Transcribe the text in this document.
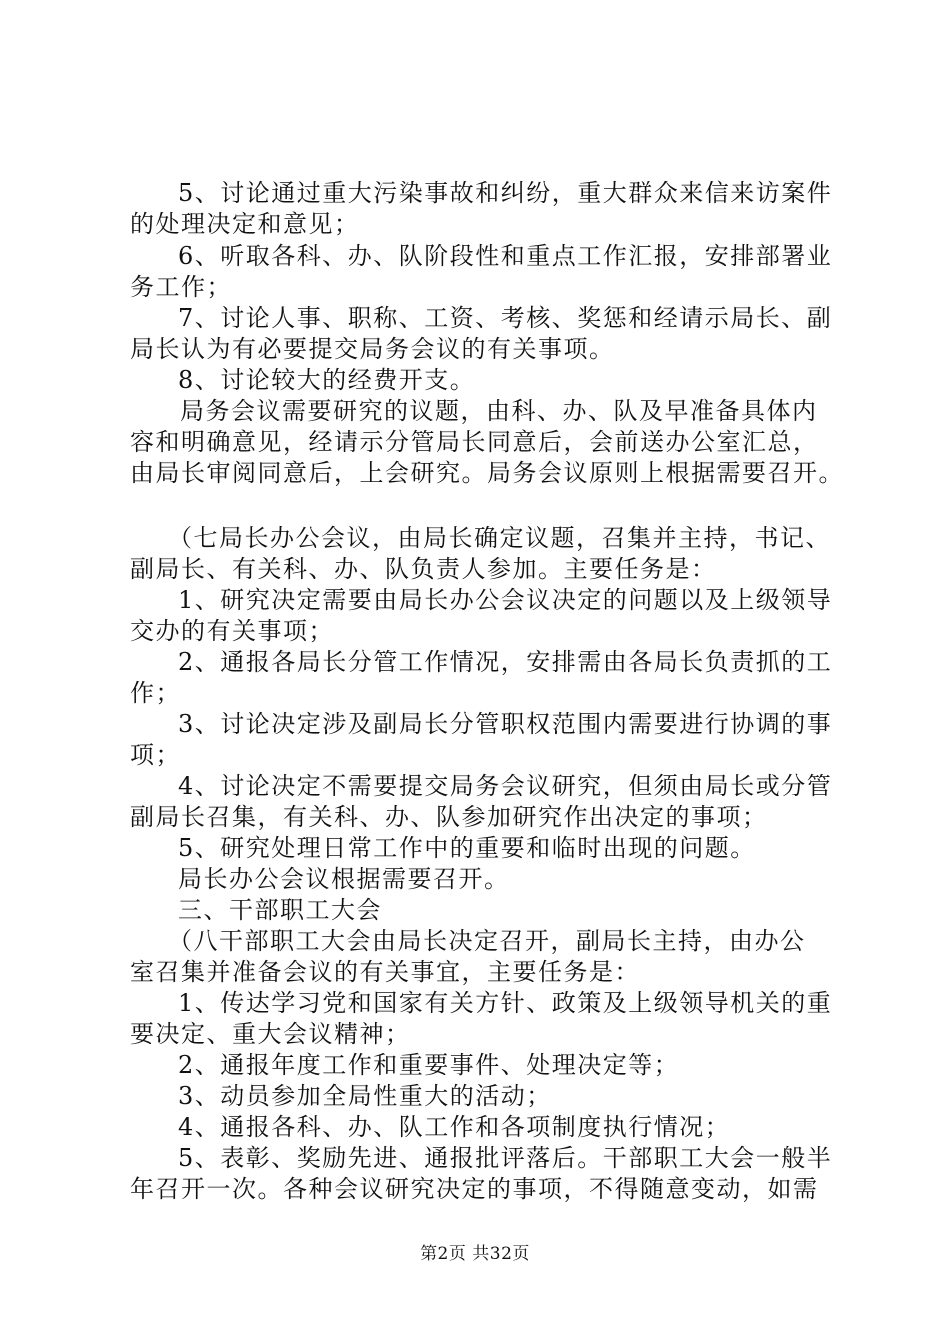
5、讨论通过重大污染事故和纠纷，重大群众来信来访案件
的处理决定和意见；
6、听取各科、办、队阶段性和重点工作汇报，安排部署业
务工作；
7、讨论人事、职称、工资、考核、奖惩和经请示局长、副
局长认为有必要提交局务会议的有关事项。
8、讨论较大的经费开支。
局务会议需要研究的议题，由科、办、队及早准备具体内
容和明确意见，经请示分管局长同意后，会前送办公室汇总，
由局长审阅同意后，上会研究。局务会议原则上根据需要召开。
（七局长办公会议，由局长确定议题，召集并主持，书记、
副局长、有关科、办、队负责人参加。主要任务是：
1、研究决定需要由局长办公会议决定的问题以及上级领导
交办的有关事项；
2、通报各局长分管工作情况，安排需由各局长负责抓的工
作；
3、讨论决定涉及副局长分管职权范围内需要进行协调的事
项；
4、讨论决定不需要提交局务会议研究，但须由局长或分管
副局长召集，有关科、办、队参加研究作出决定的事项；
5、研究处理日常工作中的重要和临时出现的问题。
局长办公会议根据需要召开。
三、干部职工大会
（八干部职工大会由局长决定召开，副局长主持，由办公
室召集并准备会议的有关事宜，主要任务是：
1、传达学习党和国家有关方针、政策及上级领导机关的重
要决定、重大会议精神；
2、通报年度工作和重要事件、处理决定等；
3、动员参加全局性重大的活动；
4、通报各科、办、队工作和各项制度执行情况；
5、表彰、奖励先进、通报批评落后。干部职工大会一般半
年召开一次。各种会议研究决定的事项，不得随意变动，如需
第2页 共32页
